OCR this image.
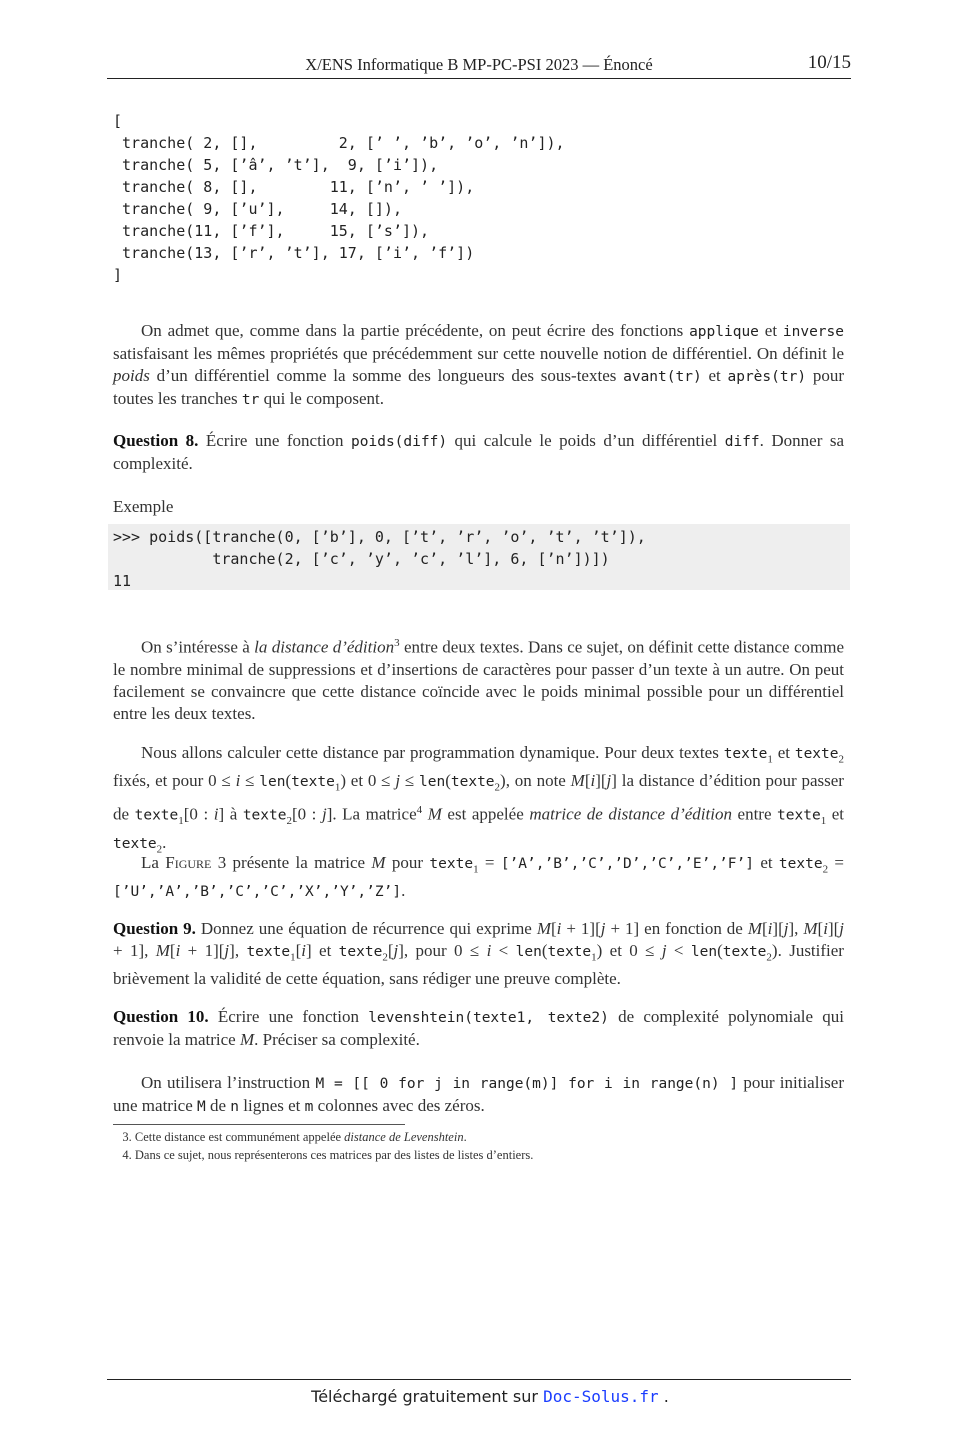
X/ENS Informatique B MP-PC-PSI 2023 — Énoncé	10/15
[
tranche( 2, [],         2, [’ ’, ’b’, ’o’, ’n’]),
tranche( 5, [’â’, ’t’],  9, [’i’]),
tranche( 8, [],        11, [’n’, ’ ’]),
tranche( 9, [’u’],     14, []),
tranche(11, [’f’],     15, [’s’]),
tranche(13, [’r’, ’t’], 17, [’i’, ’f’])
]

On admet que, comme dans la partie précédente, on peut écrire des fonctions applique et inverse satisfaisant les mêmes propriétés que précédemment sur cette nouvelle notion de différentiel. On définit le poids d’un différentiel comme la somme des longueurs des sous-textes avant(tr) et après(tr) pour toutes les tranches tr qui le composent.

Question 8. Écrire une fonction poids(diff) qui calcule le poids d’un différentiel diff. Donner sa complexité.

Exemple

>>> poids([tranche(0, [’b’], 0, [’t’, ’r’, ’o’, ’t’, ’t’]),
tranche(2, [’c’, ’y’, ’c’, ’l’], 6, [’n’])])
11

On s’intéresse à la distance d’édition$^3$ entre deux textes. Dans ce sujet, on définit cette distance comme le nombre minimal de suppressions et d’insertions de caractères pour passer d’un texte à un autre. On peut facilement se convaincre que cette distance coïncide avec le poids minimal possible pour un différentiel entre les deux textes.

Nous allons calculer cette distance par programmation dynamique. Pour deux textes texte$_1$ et texte$_2$ fixés, et pour 0 ≤ i ≤ len(texte$_1$) et 0 ≤ j ≤ len(texte$_2$), on note M[i][j] la distance d’édition pour passer de texte$_1$[0 : i] à texte$_2$[0 : j]. La matrice$^4$ M est appelée matrice de distance d’édition entre texte$_1$ et texte$_2$.

La Figure 3 présente la matrice M pour texte$_1$ = [’A’,’B’,’C’,’D’,’C’,’E’,’F’] et texte$_2$ = [’U’,’A’,’B’,’C’,’C’,’X’,’Y’,’Z’].

Question 9. Donnez une équation de récurrence qui exprime M[i + 1][j + 1] en fonction de M[i][j], M[i][j + 1], M[i + 1][j], texte$_1$[i] et texte$_2$[j], pour 0 ≤ i < len(texte$_1$) et 0 ≤ j < len(texte$_2$). Justifier brièvement la validité de cette équation, sans rédiger une preuve complète.

Question 10. Écrire une fonction levenshtein(texte1, texte2) de complexité polynomiale qui renvoie la matrice M. Préciser sa complexité.

On utilisera l’instruction M = [[ 0 for j in range(m)] for i in range(n) ] pour initialiser une matrice M de n lignes et m colonnes avec des zéros.

3. Cette distance est communément appelée distance de Levenshtein.
4. Dans ce sujet, nous représenterons ces matrices par des listes de listes d’entiers.
Téléchargé gratuitement sur Doc-Solus.fr .
